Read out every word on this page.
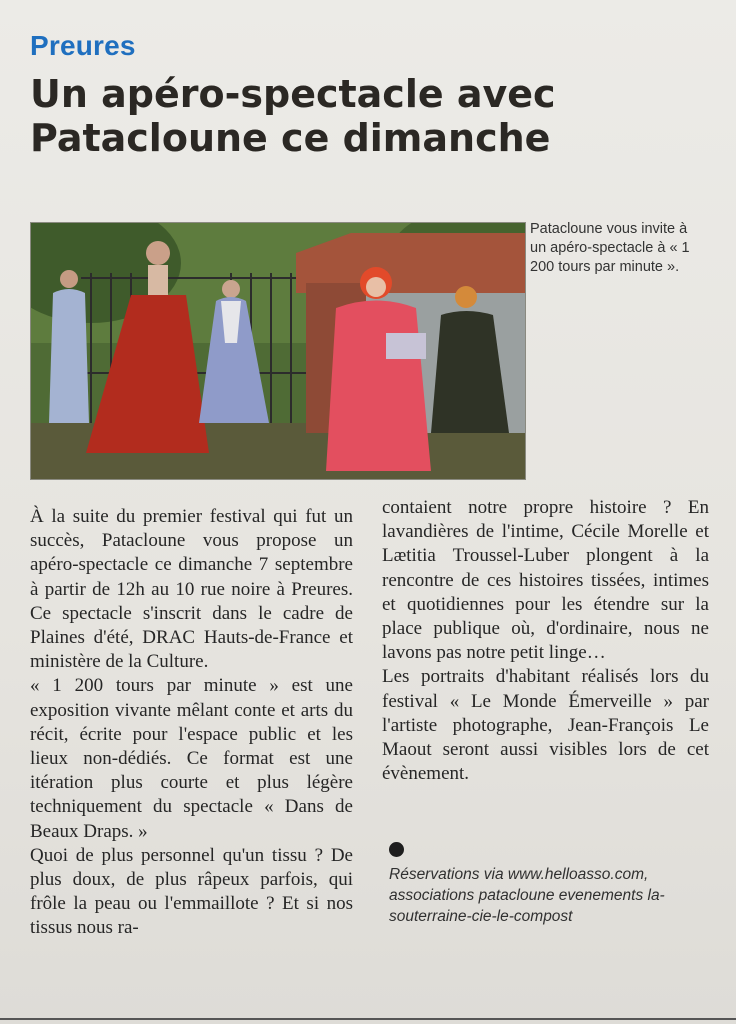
Preures
Un apéro-spectacle avec Patacloune ce dimanche
Patacloune vous invite à un apéro-spectacle à « 1 200 tours par minute ».

À la suite du premier festival qui fut un succès, Patacloune vous propose un apéro-spectacle ce dimanche 7 septembre à partir de 12h au 10 rue noire à Preures. Ce spectacle s'inscrit dans le cadre de Plaines d'été, DRAC Hauts-de-France et ministère de la Culture.

« 1 200 tours par minute » est une exposition vivante mêlant conte et arts du récit, écrite pour l'espace public et les lieux non-dédiés. Ce format est une itération plus courte et plus légère techniquement du spectacle « Dans de Beaux Draps. »

Quoi de plus personnel qu'un tissu ? De plus doux, de plus râpeux parfois, qui frôle la peau ou l'emmaillote ? Et si nos tissus nous ra-

contaient notre propre histoire ? En lavandières de l'intime, Cécile Morelle et Lætitia Troussel-Luber plongent à la rencontre de ces histoires tissées, intimes et quotidiennes pour les étendre sur la place publique où, d'ordinaire, nous ne lavons pas notre petit linge…

Les portraits d'habitant réalisés lors du festival « Le Monde Émerveille » par l'artiste photographe, Jean-François Le Maout seront aussi visibles lors de cet évènement.

Réservations via www.helloasso.com, associations patacloune evenements la-souterraine-cie-le-compost
